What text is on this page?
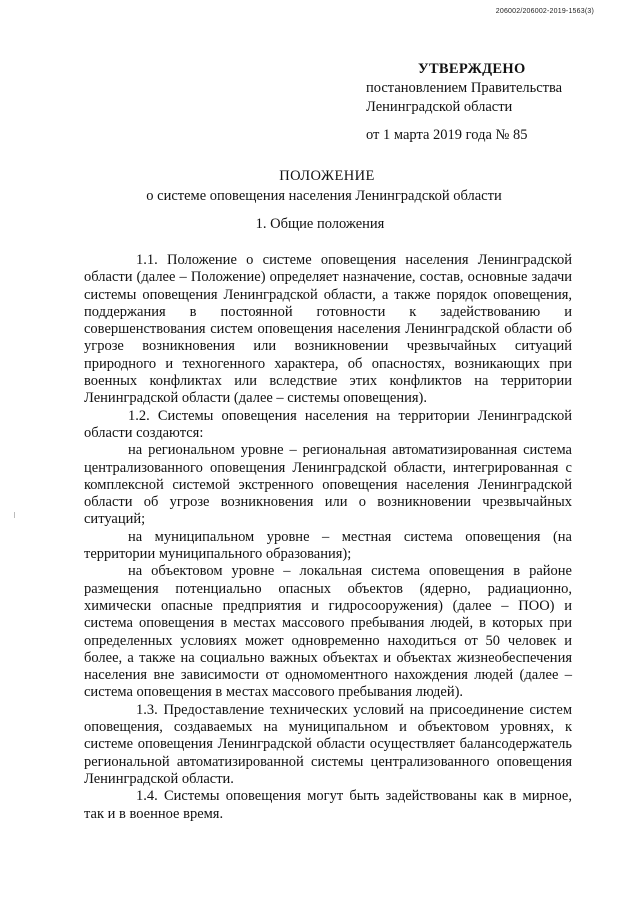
206002/206002-2019-1563(3)
УТВЕРЖДЕНО
постановлением Правительства
Ленинградской области
от 1 марта 2019 года № 85
ПОЛОЖЕНИЕ
о системе оповещения населения Ленинградской области
1. Общие положения

1.1. Положение о системе оповещения населения Ленинградской области (далее – Положение) определяет назначение, состав, основные задачи системы оповещения Ленинградской области, а также порядок оповещения, поддержания в постоянной готовности к задействованию и совершенствования систем оповещения населения Ленинградской области об угрозе возникновения или возникновении чрезвычайных ситуаций природного и техногенного характера, об опасностях, возникающих при военных конфликтах или вследствие этих конфликтов на территории Ленинградской области (далее – системы оповещения).

1.2. Системы оповещения населения на территории Ленинградской области создаются:

на региональном уровне – региональная автоматизированная система централизованного оповещения Ленинградской области, интегрированная с комплексной системой экстренного оповещения населения Ленинградской области об угрозе возникновения или о возникновении чрезвычайных ситуаций;

на муниципальном уровне – местная система оповещения (на территории муниципального образования);

на объектовом уровне – локальная система оповещения в районе размещения потенциально опасных объектов (ядерно, радиационно, химически опасные предприятия и гидросооружения) (далее – ПОО) и система оповещения в местах массового пребывания людей, в которых при определенных условиях может одновременно находиться от 50 человек и более, а также на социально важных объектах и объектах жизнеобеспечения населения вне зависимости от одномоментного нахождения людей (далее – система оповещения в местах массового пребывания людей).

1.3. Предоставление технических условий на присоединение систем оповещения, создаваемых на муниципальном и объектовом уровнях, к системе оповещения Ленинградской области осуществляет балансодержатель региональной автоматизированной системы централизованного оповещения Ленинградской области.

1.4. Системы оповещения могут быть задействованы как в мирное, так и в военное время.
